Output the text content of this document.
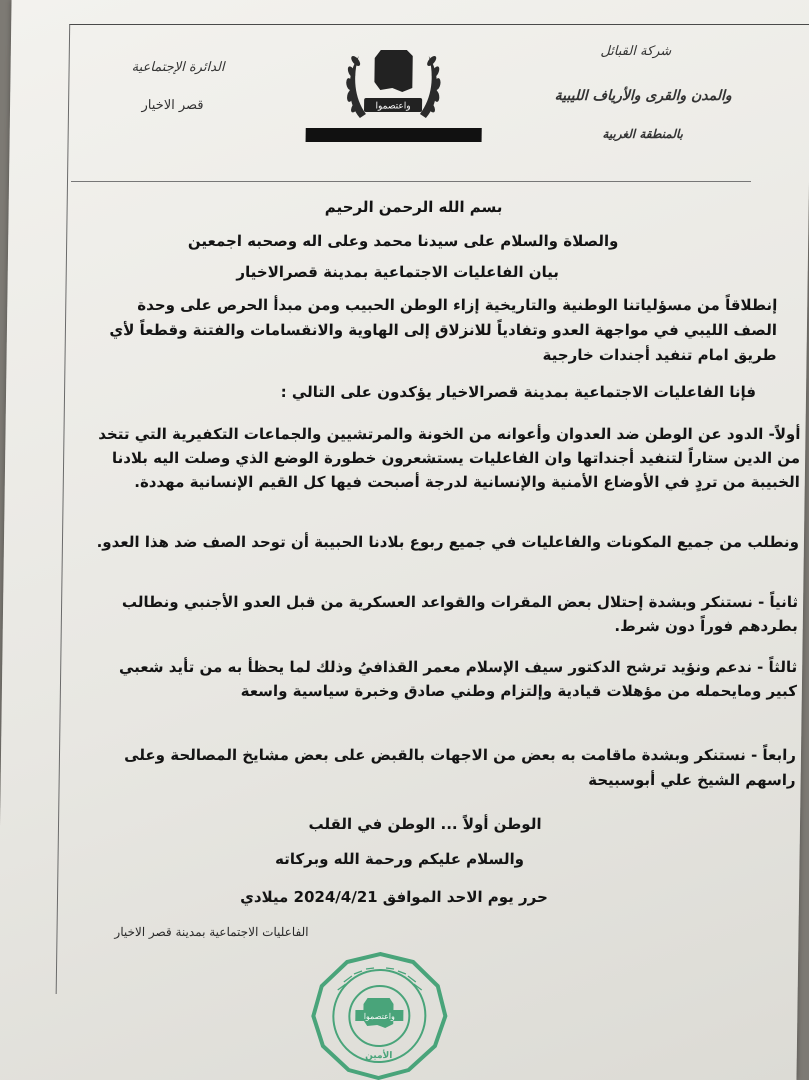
شركة القبائل
والمدن والقرى والأرياف الليبية
بالمنطقة الغربية
الدائرة الإجتماعية
قصر الاخيار	واعتصموا
بسم الله الرحمن الرحيم
والصلاة والسلام على سيدنا محمد وعلى اله وصحبه اجمعين
بيان الفاعليات الاجتماعية بمدينة قصرالاخيار
إنطلاقاً من مسؤلياتنا الوطنية والتاريخية إزاء الوطن الحبيب ومن مبدأ الحرص على وحدة الصف الليبي في مواجهة العدو وتفادياً للانزلاق إلى الهاوية والانقسامات والفتنة وقطعاً لأي طريق امام تنفيد أجندات خارجية
فإنا الفاعليات الاجتماعية بمدينة قصرالاخيار يؤكدون على التالي :
أولاً- الدود عن الوطن ضد العدوان وأعوانه من الخونة والمرتشيين والجماعات التكفيرية التي تتخد من الدين ستاراً لتنفيد أجنداتها وان الفاعليات يستشعرون خطورة الوضع الذي وصلت اليه بلادنا الخبيبة من تردٍ في الأوضاع الأمنية والإنسانية لدرجة أصبحت فيها كل القيم الإنسانية مهددة.
ونطلب من جميع المكونات والفاعليات في جميع ربوع بلادنا الحبيبة أن توحد الصف ضد هذا العدو.
ثانياً - نستنكر وبشدة إحتلال بعض المقرات والقواعد العسكرية من قبل العدو الأجنبي ونطالب بطردهم فوراً دون شرط.
ثالثاً - ندعم ونؤيد ترشح الدكتور سيف الإسلام معمر القذافيُ وذلك لما يحظأ به من تأيد شعبي كبير ومايحمله من مؤهلات قيادية وإلتزام وطني صادق وخبرة سياسية واسعة
رابعاً - نستنكر وبشدة ماقامت به بعض من الاجهات بالقبض على بعض مشايخ المصالحة وعلى راسهم الشيخ علي أبوسبيحة
الوطن أولاً ... الوطن في القلب
والسلام عليكم ورحمة الله وبركاته
حرر يوم الاحد الموافق 2024/4/21 ميلادي
الفاعليات الاجتماعية بمدينة قصر الاخيار
واعتصموا
الأمين
